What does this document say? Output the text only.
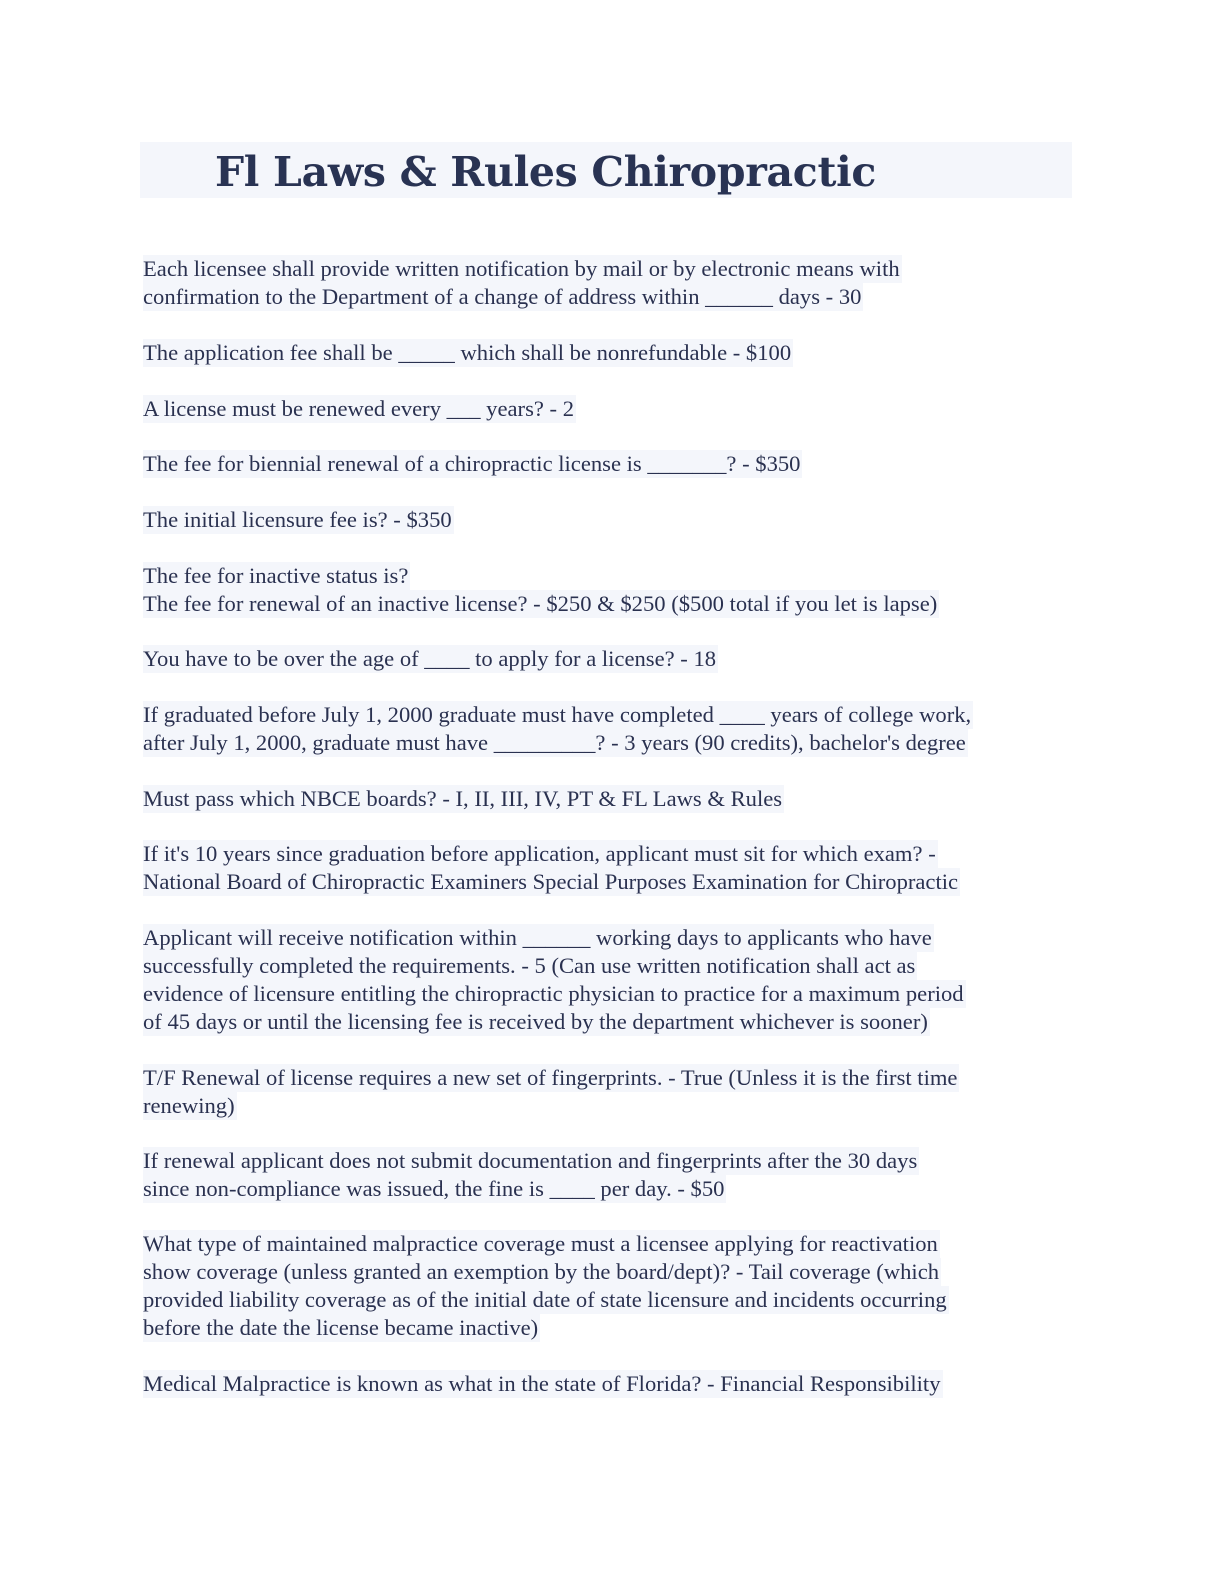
Fl Laws & Rules Chiropractic
Each licensee shall provide written notification by mail or by electronic means with
confirmation to the Department of a change of address within ______ days - 30
The application fee shall be _____ which shall be nonrefundable - $100
A license must be renewed every ___ years? - 2
The fee for biennial renewal of a chiropractic license is _______? - $350
The initial licensure fee is? - $350
The fee for inactive status is?
The fee for renewal of an inactive license? - $250 & $250 ($500 total if you let is lapse)
You have to be over the age of ____ to apply for a license? - 18
If graduated before July 1, 2000 graduate must have completed ____ years of college work,
after July 1, 2000, graduate must have _________? - 3 years (90 credits), bachelor's degree
Must pass which NBCE boards? - I, II, III, IV, PT & FL Laws & Rules
If it's 10 years since graduation before application, applicant must sit for which exam? -
National Board of Chiropractic Examiners Special Purposes Examination for Chiropractic
Applicant will receive notification within ______ working days to applicants who have
successfully completed the requirements. - 5 (Can use written notification shall act as
evidence of licensure entitling the chiropractic physician to practice for a maximum period
of 45 days or until the licensing fee is received by the department whichever is sooner)
T/F Renewal of license requires a new set of fingerprints. - True (Unless it is the first time
renewing)
If renewal applicant does not submit documentation and fingerprints after the 30 days
since non-compliance was issued, the fine is ____ per day. - $50
What type of maintained malpractice coverage must a licensee applying for reactivation
show coverage (unless granted an exemption by the board/dept)? - Tail coverage (which
provided liability coverage as of the initial date of state licensure and incidents occurring
before the date the license became inactive)
Medical Malpractice is known as what in the state of Florida? - Financial Responsibility
